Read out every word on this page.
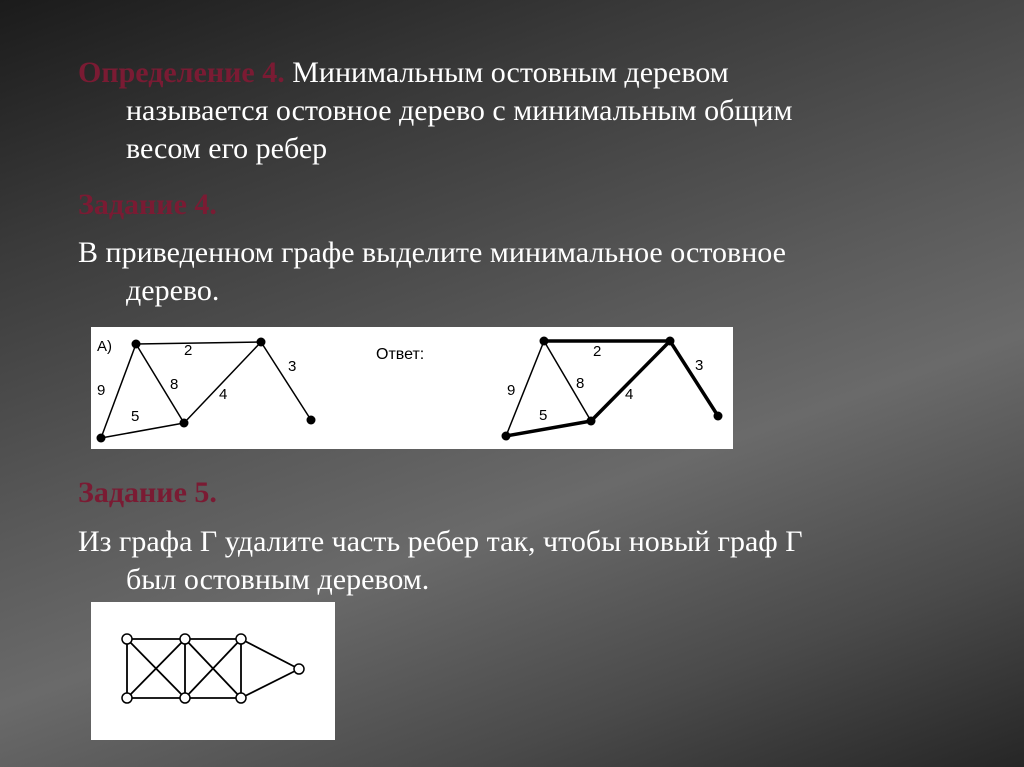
Определение 4. Минимальным остовным деревом
называется остовное дерево с минимальным общим
весом его ребер
Задание 4.
В приведенном графе выделите минимальное остовное
дерево.
А)	2
9	8
4
3
5
Ответ:	2
9	8
4
3
5
Задание 5.
Из графа Г удалите часть ребер так, чтобы новый граф Г
был остовным деревом.
